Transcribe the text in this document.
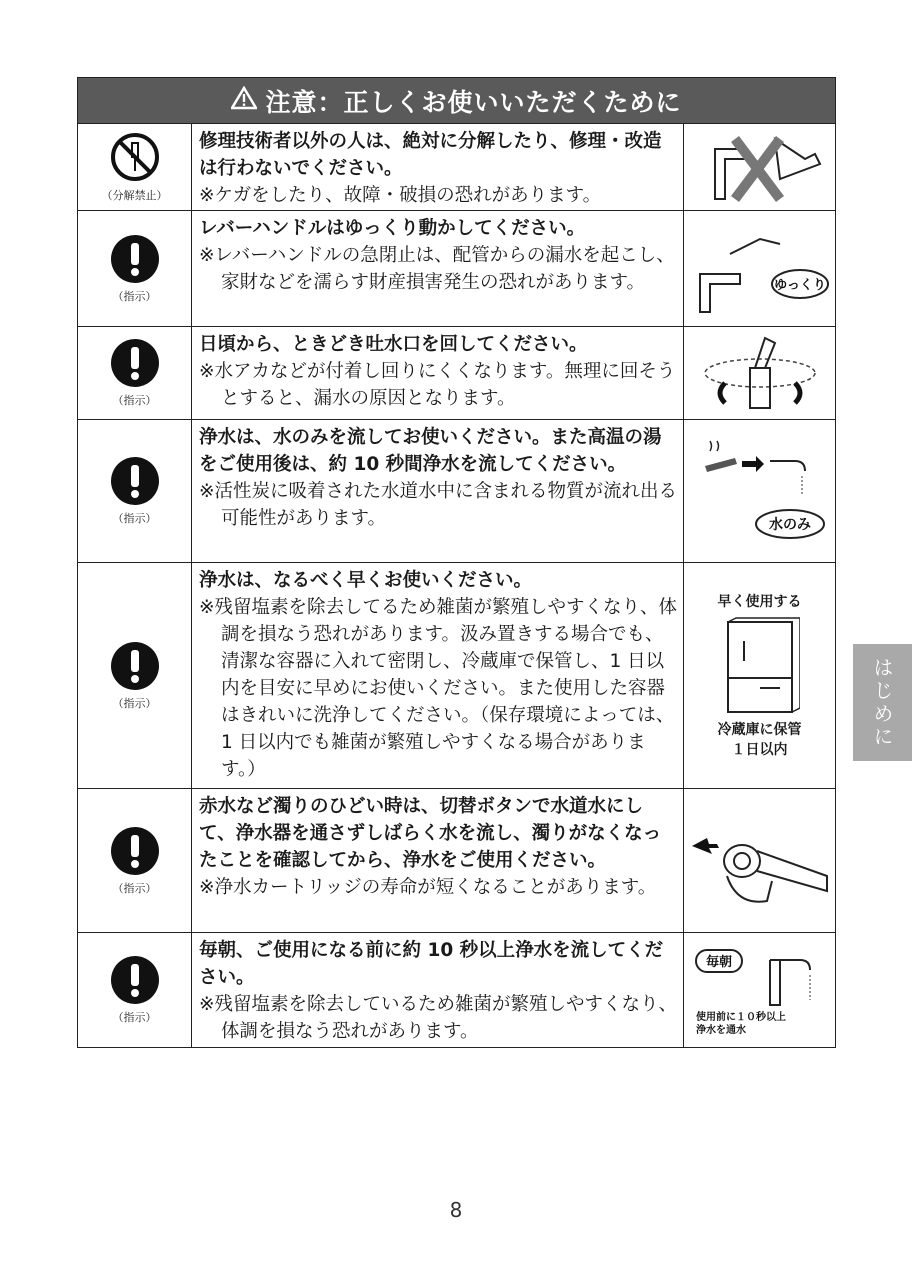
注意：正しくお使いいただくために
（分解禁止）
修理技術者以外の人は、絶対に分解したり、修理・改造は行わないでください。
※ケガをしたり、故障・破損の恐れがあります。
（指示）
レバーハンドルはゆっくり動かしてください。
※レバーハンドルの急閉止は、配管からの漏水を起こし、家財などを濡らす財産損害発生の恐れがあります。	ゆっくり
（指示）
日頃から、ときどき吐水口を回してください。
※水アカなどが付着し回りにくくなります。無理に回そうとすると、漏水の原因となります。
（指示）
浄水は、水のみを流してお使いください。また高温の湯をご使用後は、約 10 秒間浄水を流してください。
※活性炭に吸着された水道水中に含まれる物質が流れ出る可能性があります。	水のみ
（指示）
浄水は、なるべく早くお使いください。
※残留塩素を除去してるため雑菌が繁殖しやすくなり、体調を損なう恐れがあります。汲み置きする場合でも、清潔な容器に入れて密閉し、冷蔵庫で保管し、1 日以内を目安に早めにお使いください。また使用した容器はきれいに洗浄してください。（保存環境によっては、1 日以内でも雑菌が繁殖しやすくなる場合があります。）
早く使用する
冷蔵庫に保管
１日以内
（指示）
赤水など濁りのひどい時は、切替ボタンで水道水にして、浄水器を通さずしばらく水を流し、濁りがなくなったことを確認してから、浄水をご使用ください。
※浄水カートリッジの寿命が短くなることがあります。
（指示）
毎朝、ご使用になる前に約 10 秒以上浄水を流してください。
※残留塩素を除去しているため雑菌が繁殖しやすくなり、体調を損なう恐れがあります。
毎朝
使用前に１０秒以上
浄水を通水
はじめに
8
